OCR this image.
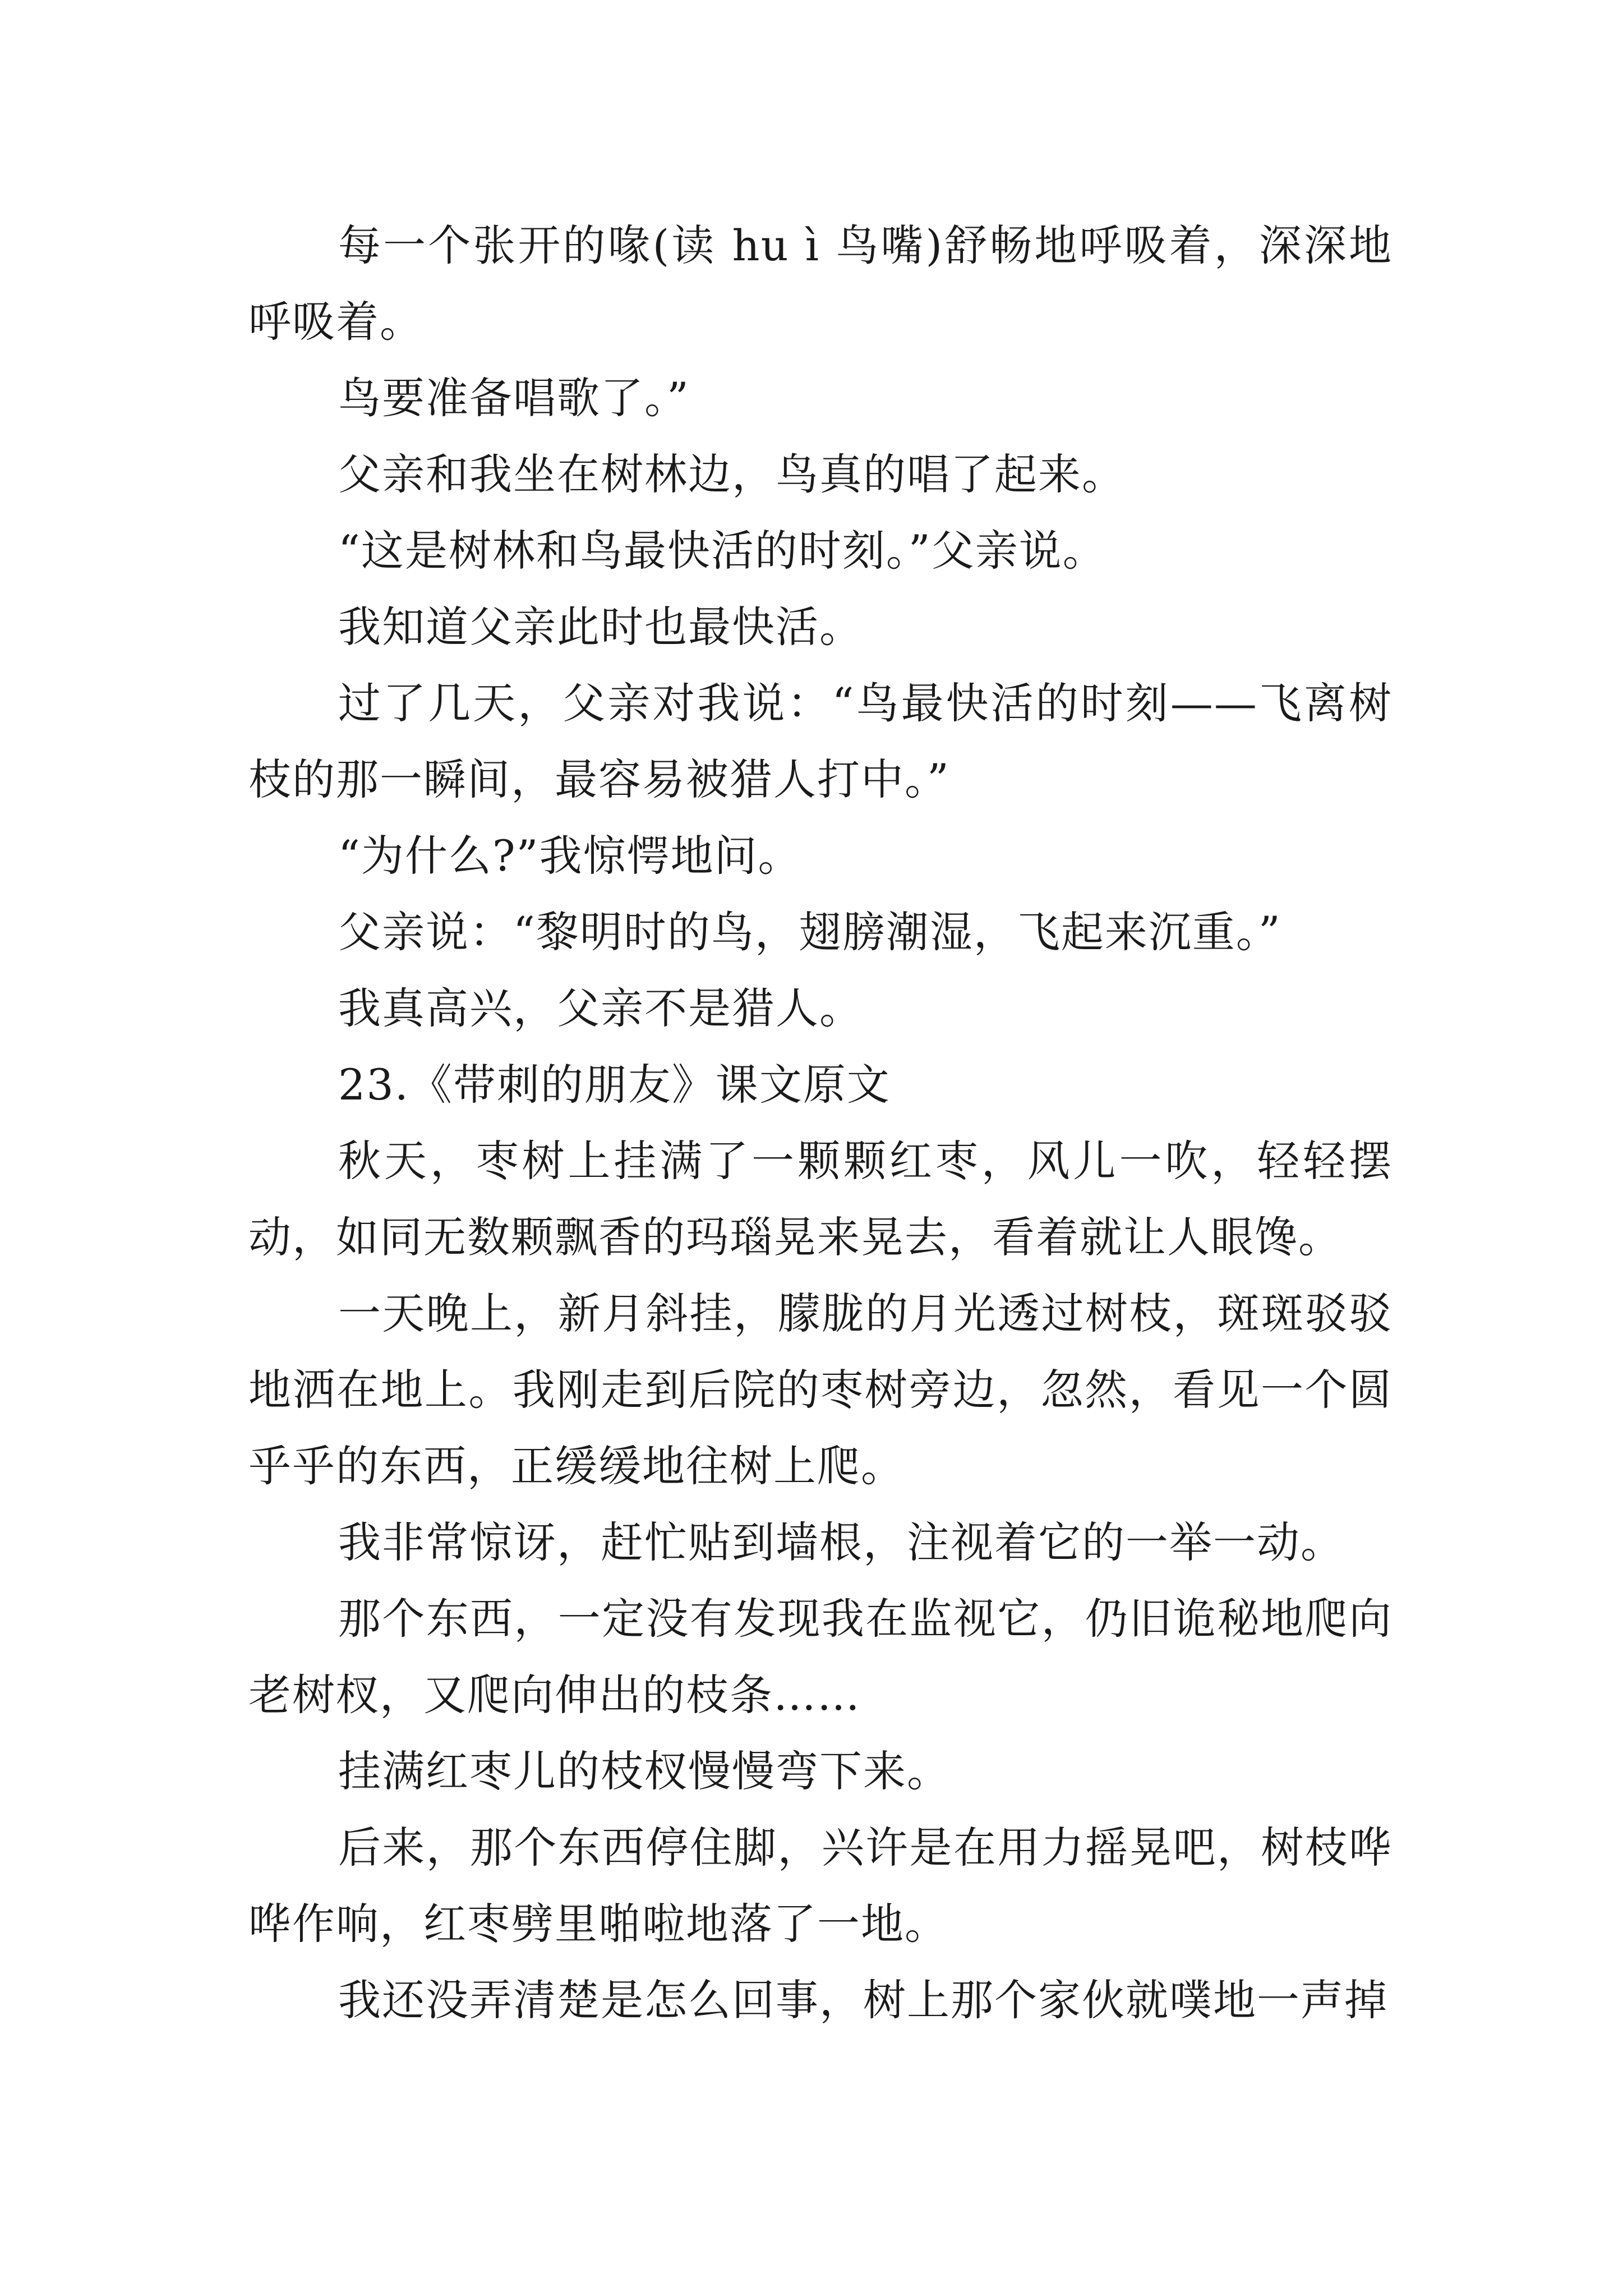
每一个张开的喙(读 hu ì 鸟嘴)舒畅地呼吸着，深深地呼吸着。

鸟要准备唱歌了。”

父亲和我坐在树林边，鸟真的唱了起来。

“这是树林和鸟最快活的时刻。”父亲说。

我知道父亲此时也最快活。

过了几天，父亲对我说：“鸟最快活的时刻——飞离树枝的那一瞬间，最容易被猎人打中。”

“为什么?”我惊愕地问。

父亲说：“黎明时的鸟，翅膀潮湿，飞起来沉重。”

我真高兴，父亲不是猎人。

23.《带刺的朋友》课文原文

秋天，枣树上挂满了一颗颗红枣，风儿一吹，轻轻摆动，如同无数颗飘香的玛瑙晃来晃去，看着就让人眼馋。

一天晚上，新月斜挂，朦胧的月光透过树枝，斑斑驳驳地洒在地上。我刚走到后院的枣树旁边，忽然，看见一个圆乎乎的东西，正缓缓地往树上爬。

我非常惊讶，赶忙贴到墙根，注视着它的一举一动。

那个东西，一定没有发现我在监视它，仍旧诡秘地爬向老树杈，又爬向伸出的枝条……

挂满红枣儿的枝杈慢慢弯下来。

后来，那个东西停住脚，兴许是在用力摇晃吧，树枝哗哗作响，红枣劈里啪啦地落了一地。

我还没弄清楚是怎么回事，树上那个家伙就噗地一声掉
